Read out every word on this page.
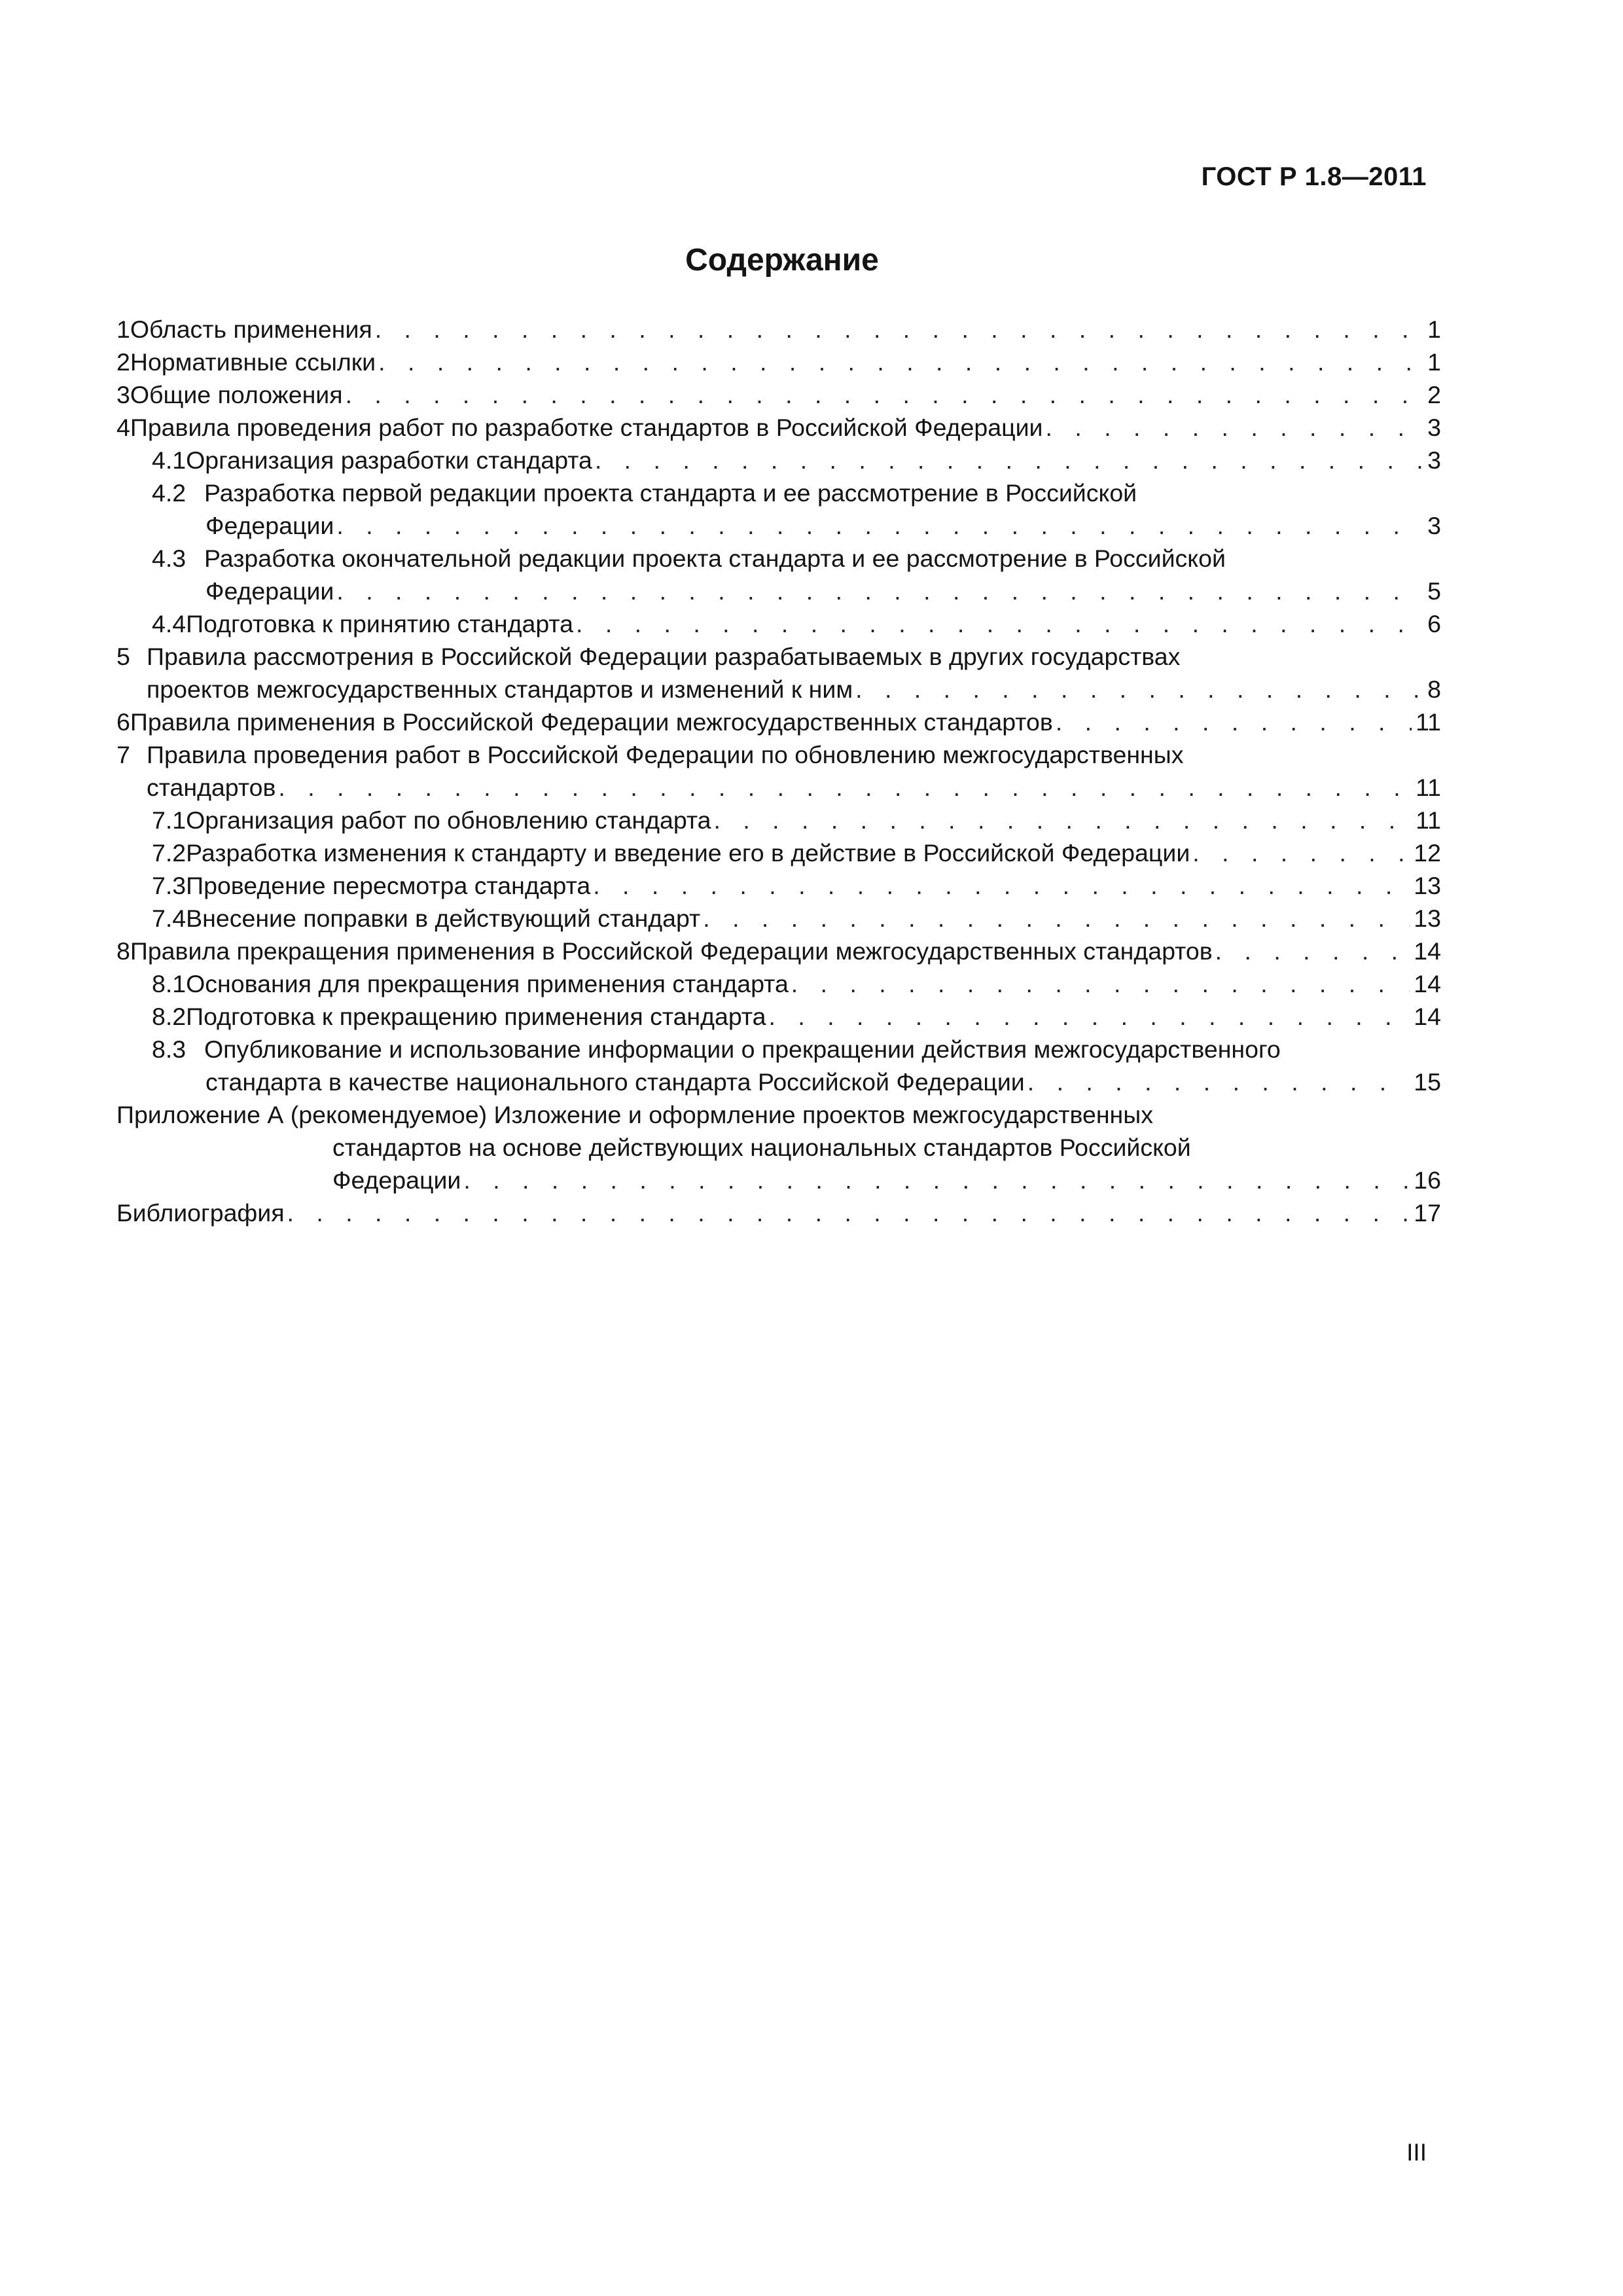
ГОСТ Р 1.8—2011
Содержание
1 Область применения . . .	1
2 Нормативные ссылки . . .	1
3 Общие положения . . .	2
4 Правила проведения работ по разработке стандартов в Российской Федерации . . .	3
4.1 Организация разработки стандарта . . .	3
4.2 Разработка первой редакции проекта стандарта и ее рассмотрение в Российской
Федерации . . .	3
4.3 Разработка окончательной редакции проекта стандарта и ее рассмотрение в Российской
Федерации . . .	5
4.4 Подготовка к принятию стандарта . . .	6
5 Правила рассмотрения в Российской Федерации разрабатываемых в других государствах
проектов межгосударственных стандартов и изменений к ним . . .	8
6 Правила применения в Российской Федерации межгосударственных стандартов . . .	11
7 Правила проведения работ в Российской Федерации по обновлению межгосударственных
стандартов . . .	11
7.1 Организация работ по обновлению стандарта . . .	11
7.2 Разработка изменения к стандарту и введение его в действие в Российской Федерации . . .	12
7.3 Проведение пересмотра стандарта . . .	13
7.4 Внесение поправки в действующий стандарт . . .	13
8 Правила прекращения применения в Российской Федерации межгосударственных стандартов . . .	14
8.1 Основания для прекращения применения стандарта . . .	14
8.2 Подготовка к прекращению применения стандарта . . .	14
8.3 Опубликование и использование информации о прекращении действия межгосударственного
стандарта в качестве национального стандарта Российской Федерации . . .	15
Приложение А (рекомендуемое) Изложение и оформление проектов межгосударственных
стандартов на основе действующих национальных стандартов Российской
Федерации . . .	16
Библиография . . .	17
III
